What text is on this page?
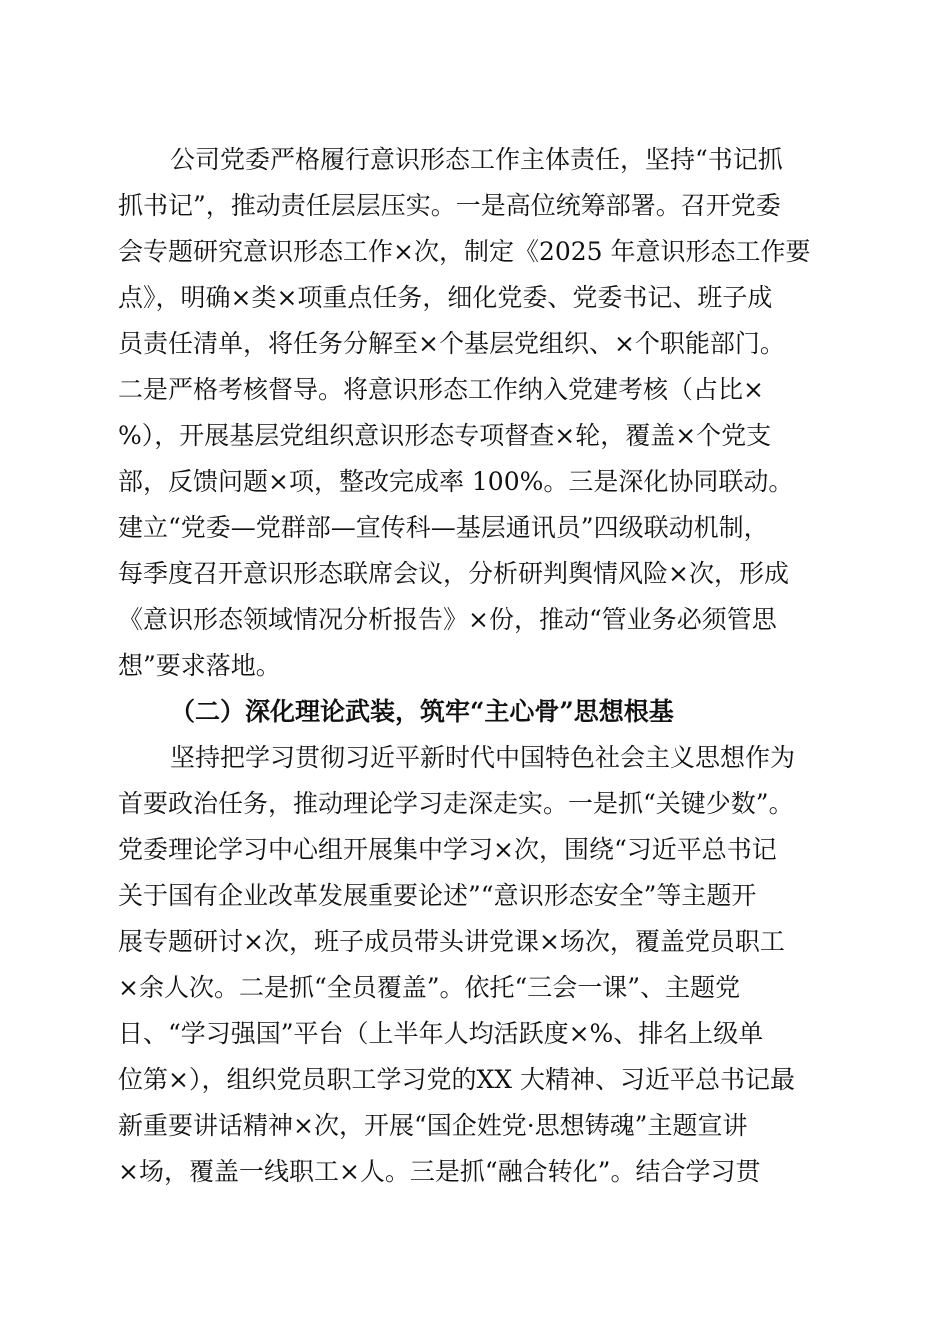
公司党委严格履行意识形态工作主体责任，坚持“书记抓
抓书记”，推动责任层层压实。一是高位统筹部署。召开党委
会专题研究意识形态工作×次，制定《2025 年意识形态工作要
点》，明确×类×项重点任务，细化党委、党委书记、班子成
员责任清单，将任务分解至×个基层党组织、×个职能部门。
二是严格考核督导。将意识形态工作纳入党建考核（占比×
%），开展基层党组织意识形态专项督查×轮，覆盖×个党支
部，反馈问题×项，整改完成率 100%。三是深化协同联动。
建立“党委—党群部—宣传科—基层通讯员”四级联动机制，
每季度召开意识形态联席会议，分析研判舆情风险×次，形成
《意识形态领域情况分析报告》×份，推动“管业务必须管思
想”要求落地。
（二）深化理论武装，筑牢“主心骨”思想根基
坚持把学习贯彻习近平新时代中国特色社会主义思想作为
首要政治任务，推动理论学习走深走实。一是抓“关键少数”。
党委理论学习中心组开展集中学习×次，围绕“习近平总书记
关于国有企业改革发展重要论述”“意识形态安全”等主题开
展专题研讨×次，班子成员带头讲党课×场次，覆盖党员职工
×余人次。二是抓“全员覆盖”。依托“三会一课”、主题党
日、“学习强国”平台（上半年人均活跃度×%、排名上级单
位第×），组织党员职工学习党的XX 大精神、习近平总书记最
新重要讲话精神×次，开展“国企姓党·思想铸魂”主题宣讲
×场，覆盖一线职工×人。三是抓“融合转化”。结合学习贯
